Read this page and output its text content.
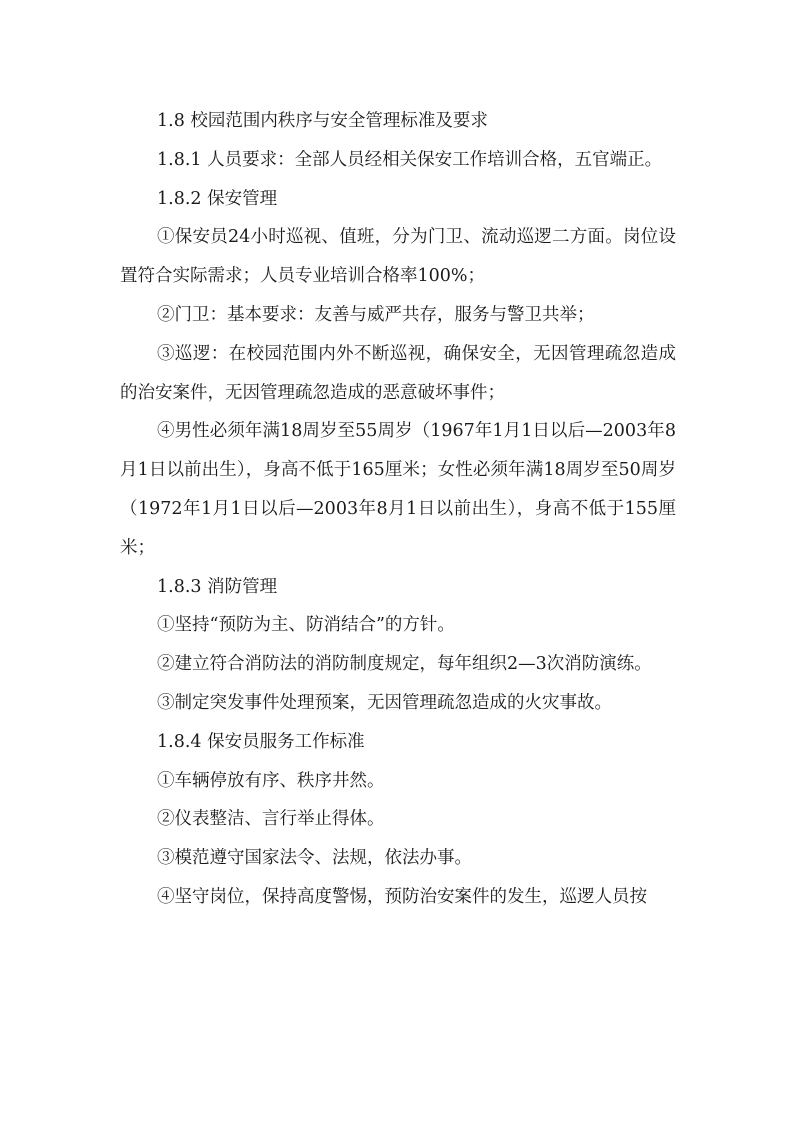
1.8 校园范围内秩序与安全管理标准及要求

1.8.1 人员要求：全部人员经相关保安工作培训合格，五官端正。

1.8.2 保安管理

①保安员24小时巡视、值班，分为门卫、流动巡逻二方面。岗位设置符合实际需求；人员专业培训合格率100%；

②门卫：基本要求：友善与威严共存，服务与警卫共举；

③巡逻：在校园范围内外不断巡视，确保安全，无因管理疏忽造成的治安案件，无因管理疏忽造成的恶意破坏事件；

④男性必须年满18周岁至55周岁（1967年1月1日以后—2003年8月1日以前出生），身高不低于165厘米；女性必须年满18周岁至50周岁（1972年1月1日以后—2003年8月1日以前出生），身高不低于155厘米；

1.8.3 消防管理

①坚持“预防为主、防消结合”的方针。

②建立符合消防法的消防制度规定，每年组织2—3次消防演练。

③制定突发事件处理预案，无因管理疏忽造成的火灾事故。

1.8.4 保安员服务工作标准

①车辆停放有序、秩序井然。

②仪表整洁、言行举止得体。

③模范遵守国家法令、法规，依法办事。

④坚守岗位，保持高度警惕，预防治安案件的发生，巡逻人员按
